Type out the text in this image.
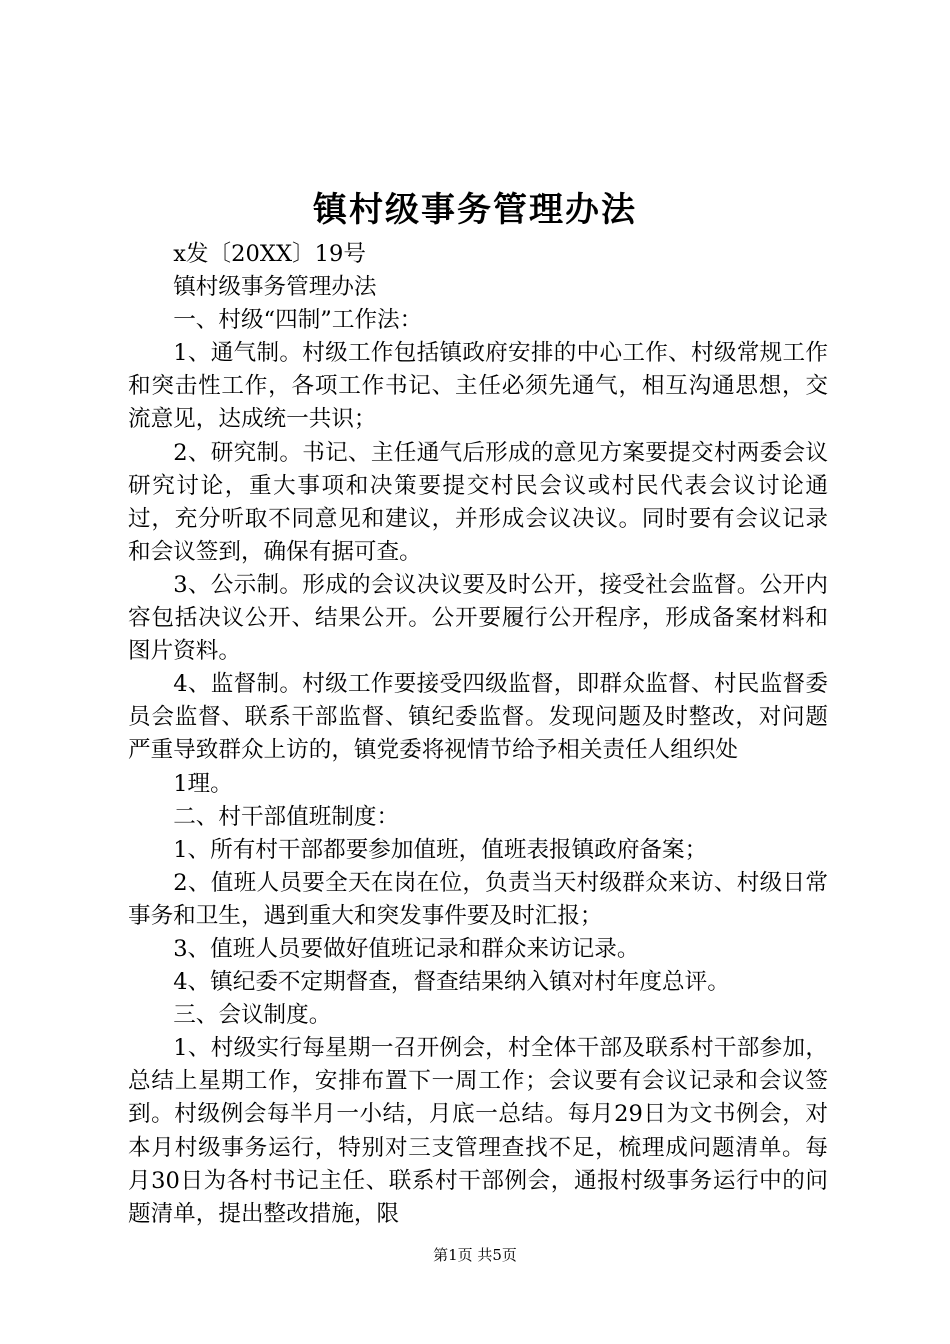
镇村级事务管理办法

x发〔20XX〕19号

镇村级事务管理办法

一、村级“四制”工作法：

1、通气制。村级工作包括镇政府安排的中心工作、村级常规工作和突击性工作，各项工作书记、主任必须先通气，相互沟通思想，交流意见，达成统一共识；

2、研究制。书记、主任通气后形成的意见方案要提交村两委会议研究讨论，重大事项和决策要提交村民会议或村民代表会议讨论通过，充分听取不同意见和建议，并形成会议决议。同时要有会议记录和会议签到，确保有据可查。

3、公示制。形成的会议决议要及时公开，接受社会监督。公开内容包括决议公开、结果公开。公开要履行公开程序，形成备案材料和图片资料。

4、监督制。村级工作要接受四级监督，即群众监督、村民监督委员会监督、联系干部监督、镇纪委监督。发现问题及时整改，对问题严重导致群众上访的，镇党委将视情节给予相关责任人组织处

1理。

二、村干部值班制度：

1、所有村干部都要参加值班，值班表报镇政府备案；

2、值班人员要全天在岗在位，负责当天村级群众来访、村级日常事务和卫生，遇到重大和突发事件要及时汇报；

3、值班人员要做好值班记录和群众来访记录。

4、镇纪委不定期督查，督查结果纳入镇对村年度总评。

三、会议制度。

1、村级实行每星期一召开例会，村全体干部及联系村干部参加，总结上星期工作，安排布置下一周工作；会议要有会议记录和会议签到。村级例会每半月一小结，月底一总结。每月29日为文书例会，对本月村级事务运行，特别对三支管理查找不足，梳理成问题清单。每月30日为各村书记主任、联系村干部例会，通报村级事务运行中的问题清单，提出整改措施，限

第1页 共5页
